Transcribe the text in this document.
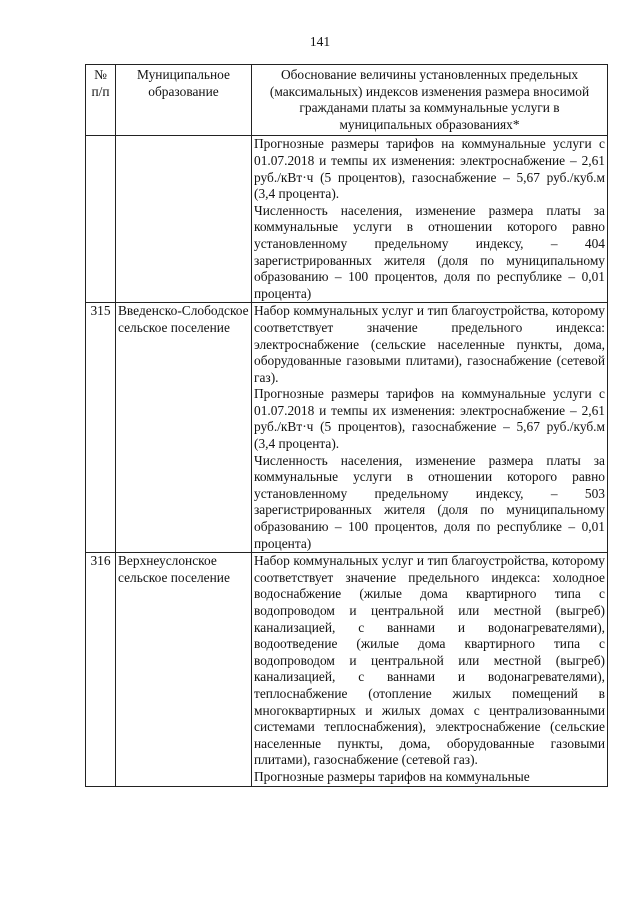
141
№ п/п	Муниципальное образование	Обоснование величины установленных предельных (максимальных) индексов изменения размера вносимой гражданами платы за коммунальные услуги в муниципальных образованиях*

		Прогнозные размеры тарифов на коммунальные услуги с 01.07.2018 и темпы их изменения: электроснабжение – 2,61 руб./кВт·ч (5 процентов), газоснабжение – 5,67 руб./куб.м (3,4 процента).
Численность населения, изменение размера платы за коммунальные услуги в отношении которого равно установленному предельному индексу, – 404 зарегистрированных жителя (доля по муниципальному образованию – 100 процентов, доля по республике – 0,01 процента)

315	Введенско-Слободское сельское поселение	Набор коммунальных услуг и тип благоустройства, которому соответствует значение предельного индекса: электроснабжение (сельские населенные пункты, дома, оборудованные газовыми плитами), газоснабжение (сетевой газ).
Прогнозные размеры тарифов на коммунальные услуги с 01.07.2018 и темпы их изменения: электроснабжение – 2,61 руб./кВт·ч (5 процентов), газоснабжение – 5,67 руб./куб.м (3,4 процента).
Численность населения, изменение размера платы за коммунальные услуги в отношении которого равно установленному предельному индексу, – 503 зарегистрированных жителя (доля по муниципальному образованию – 100 процентов, доля по республике – 0,01 процента)

316	Верхнеуслонское сельское поселение	Набор коммунальных услуг и тип благоустройства, которому соответствует значение предельного индекса: холодное водоснабжение (жилые дома квартирного типа с водопроводом и центральной или местной (выгреб) канализацией, с ваннами и водонагревателями), водоотведение (жилые дома квартирного типа с водопроводом и центральной или местной (выгреб) канализацией, с ваннами и водонагревателями), теплоснабжение (отопление жилых помещений в многоквартирных и жилых домах с централизованными системами теплоснабжения), электроснабжение (сельские населенные пункты, дома, оборудованные газовыми плитами), газоснабжение (сетевой газ).
Прогнозные размеры тарифов на коммунальные
